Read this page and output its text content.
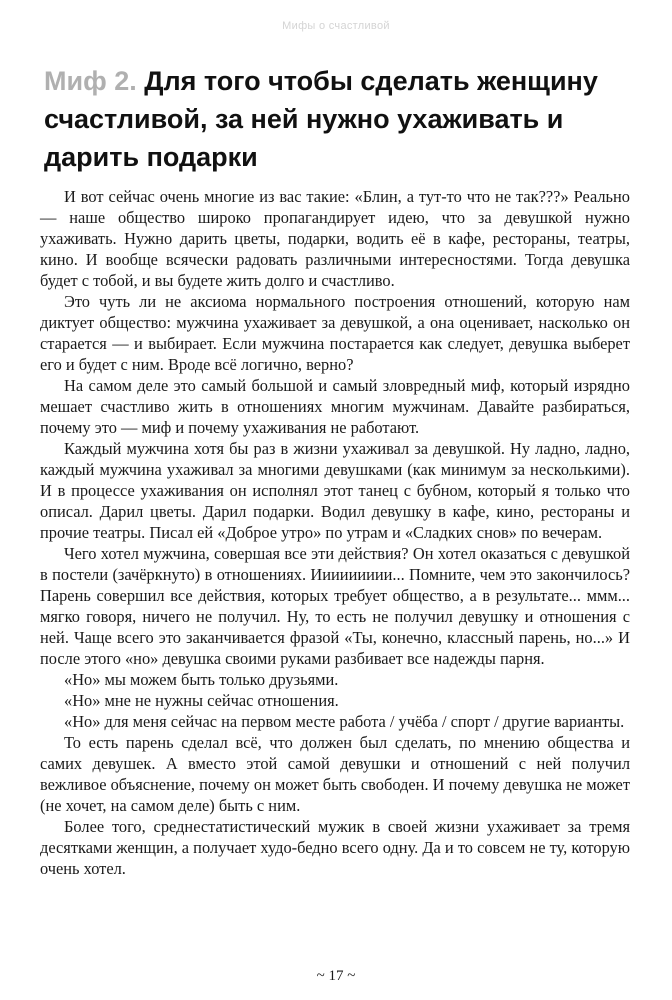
Мифы о счастливой
Миф 2. Для того чтобы сделать женщину счастливой, за ней нужно ухаживать и дарить подарки

И вот сейчас очень многие из вас такие: «Блин, а тут-то что не так???» Реально — наше общество широко пропагандирует идею, что за девушкой нужно ухаживать. Нужно дарить цветы, подарки, водить её в кафе, рестораны, театры, кино. И вообще всячески радовать различными интересностями. Тогда девушка будет с тобой, и вы будете жить долго и счастливо.

Это чуть ли не аксиома нормального построения отношений, которую нам диктует общество: мужчина ухаживает за девушкой, а она оценивает, насколько он старается — и выбирает. Если мужчина постарается как следует, девушка выберет его и будет с ним. Вроде всё логично, верно?

На самом деле это самый большой и самый зловредный миф, который изрядно мешает счастливо жить в отношениях многим мужчинам. Давайте разбираться, почему это — миф и почему ухаживания не работают.

Каждый мужчина хотя бы раз в жизни ухаживал за девушкой. Ну ладно, ладно, каждый мужчина ухаживал за многими девушками (как минимум за несколькими). И в процессе ухаживания он исполнял этот танец с бубном, который я только что описал. Дарил цветы. Дарил подарки. Водил девушку в кафе, кино, рестораны и прочие театры. Писал ей «Доброе утро» по утрам и «Сладких снов» по вечерам.

Чего хотел мужчина, совершая все эти действия? Он хотел оказаться с девушкой в постели (зачёркнуто) в отношениях. Иииииииии... Помните, чем это закончилось? Парень совершил все действия, которых требует общество, а в результате... ммм... мягко говоря, ничего не получил. Ну, то есть не получил девушку и отношения с ней. Чаще всего это заканчивается фразой «Ты, конечно, классный парень, но...» И после этого «но» девушка своими руками разбивает все надежды парня.

«Но» мы можем быть только друзьями.

«Но» мне не нужны сейчас отношения.

«Но» для меня сейчас на первом месте работа / учёба / спорт / другие варианты.

То есть парень сделал всё, что должен был сделать, по мнению общества и самих девушек. А вместо этой самой девушки и отношений с ней получил вежливое объяснение, почему он может быть свободен. И почему девушка не может (не хочет, на самом деле) быть с ним.

Более того, среднестатистический мужик в своей жизни ухаживает за тремя десятками женщин, а получает худо-бедно всего одну. Да и то совсем не ту, которую очень хотел.

~ 17 ~
